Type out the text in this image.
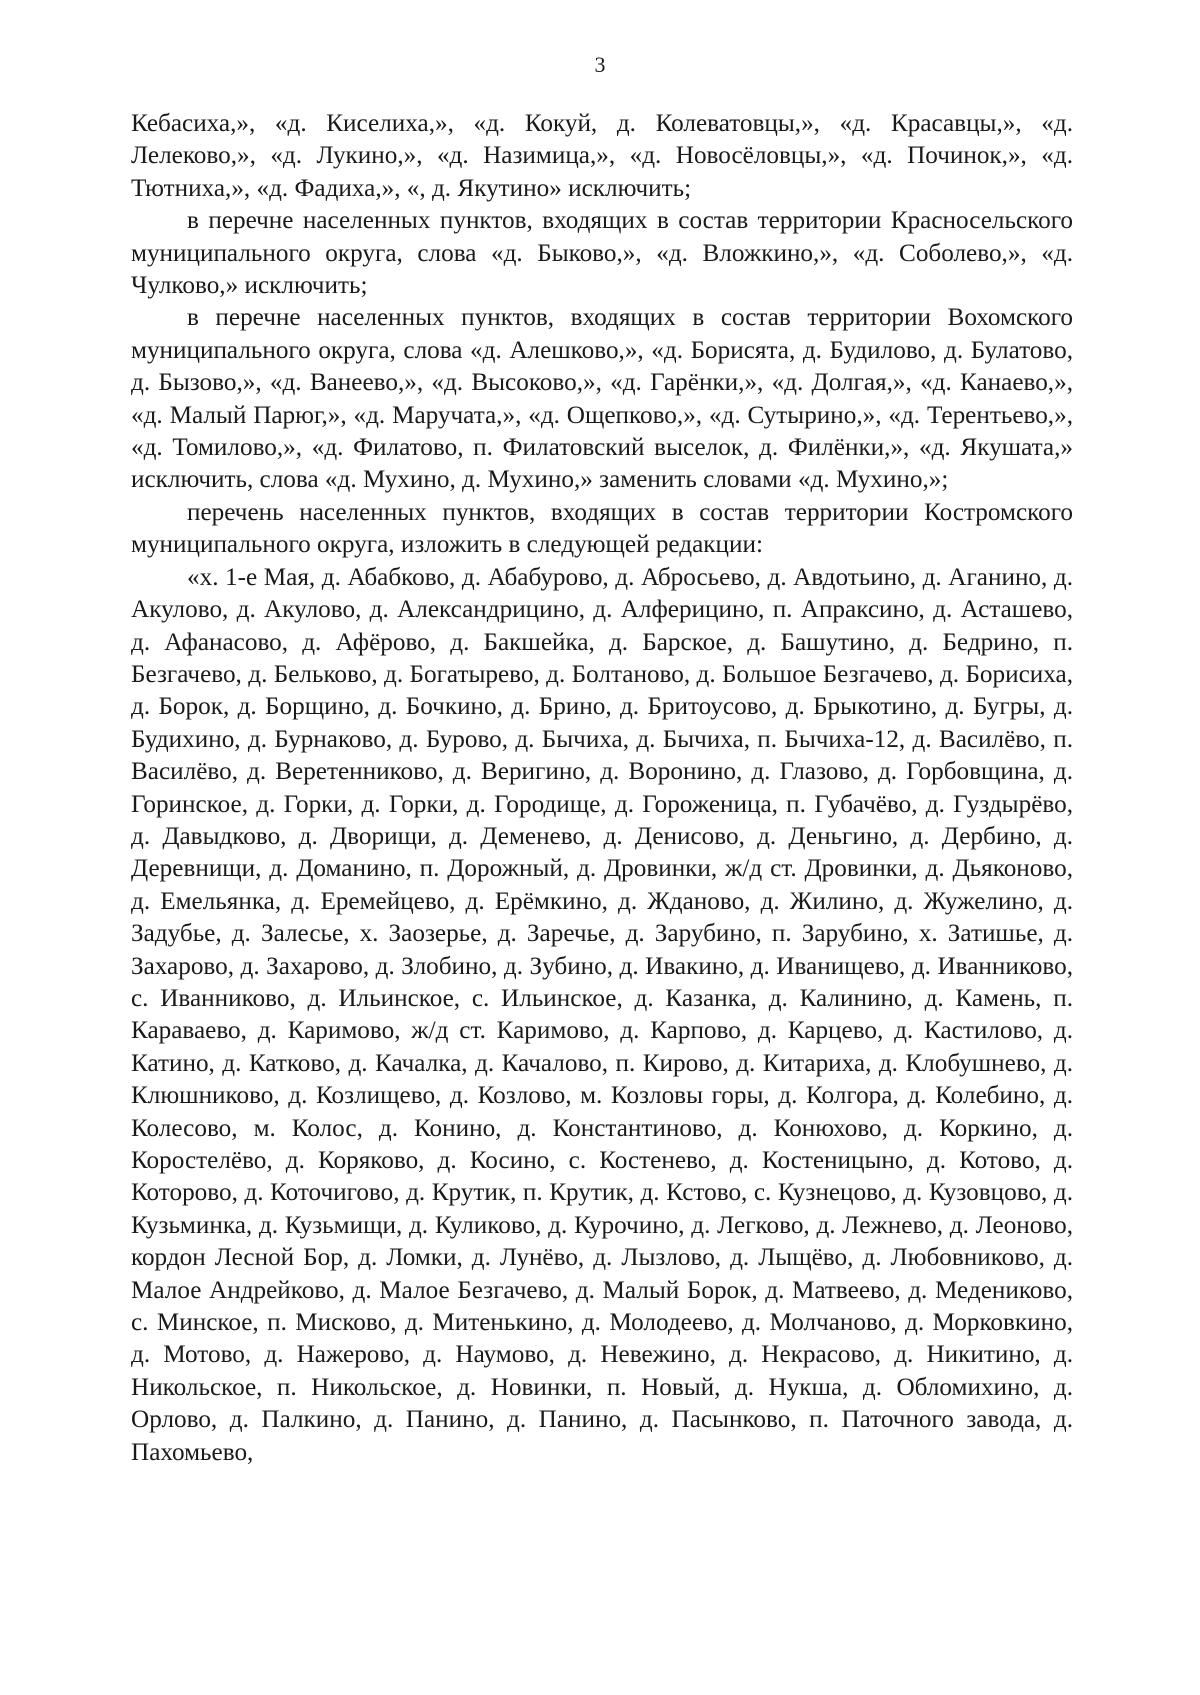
3

Кебасиха,», «д. Киселиха,», «д. Кокуй, д. Колеватовцы,», «д. Красавцы,», «д. Лелеково,», «д. Лукино,», «д. Назимица,», «д. Новосёловцы,», «д. Починок,», «д. Тютниха,», «д. Фадиха,», «, д. Якутино» исключить;

в перечне населенных пунктов, входящих в состав территории Красносельского муниципального округа, слова «д. Быково,», «д. Вложкино,», «д. Соболево,», «д. Чулково,» исключить;

в перечне населенных пунктов, входящих в состав территории Вохомского муниципального округа, слова «д. Алешково,», «д. Борисята, д. Будилово, д. Булатово, д. Бызово,», «д. Ванеево,», «д. Высоково,», «д. Гарёнки,», «д. Долгая,», «д. Канаево,», «д. Малый Парюг,», «д. Маручата,», «д. Ощепково,», «д. Сутырино,», «д. Терентьево,», «д. Томилово,», «д. Филатово, п. Филатовский выселок, д. Филёнки,», «д. Якушата,» исключить, слова «д. Мухино, д. Мухино,» заменить словами «д. Мухино,»;

перечень населенных пунктов, входящих в состав территории Костромского муниципального округа, изложить в следующей редакции:

«х. 1-е Мая, д. Абабково, д. Абабурово, д. Абросьево, д. Авдотьино, д. Аганино, д. Акулово, д. Акулово, д. Александрицино, д. Алферицино, п. Апраксино, д. Асташево, д. Афанасово, д. Афёрово, д. Бакшейка, д. Барское, д. Башутино, д. Бедрино, п. Безгачево, д. Бельково, д. Богатырево, д. Болтаново, д. Большое Безгачево, д. Борисиха, д. Борок, д. Борщино, д. Бочкино, д. Брино, д. Бритоусово, д. Брыкотино, д. Бугры, д. Будихино, д. Бурнаково, д. Бурово, д. Бычиха, д. Бычиха, п. Бычиха-12, д. Василёво, п. Василёво, д. Веретенниково, д. Веригино, д. Воронино, д. Глазово, д. Горбовщина, д. Горинское, д. Горки, д. Горки, д. Городище, д. Гороженица, п. Губачёво, д. Гуздырёво, д. Давыдково, д. Дворищи, д. Деменево, д. Денисово, д. Деньгино, д. Дербино, д. Деревнищи, д. Доманино, п. Дорожный, д. Дровинки, ж/д ст. Дровинки, д. Дьяконово, д. Емельянка, д. Еремейцево, д. Ерёмкино, д. Жданово, д. Жилино, д. Жужелино, д. Задубье, д. Залесье, х. Заозерье, д. Заречье, д. Зарубино, п. Зарубино, х. Затишье, д. Захарово, д. Захарово, д. Злобино, д. Зубино, д. Ивакино, д. Иванищево, д. Иванниково, с. Иванниково, д. Ильинское, с. Ильинское, д. Казанка, д. Калинино, д. Камень, п. Караваево, д. Каримово, ж/д ст. Каримово, д. Карпово, д. Карцево, д. Кастилово, д. Катино, д. Катково, д. Качалка, д. Качалово, п. Кирово, д. Китариха, д. Клобушнево, д. Клюшниково, д. Козлищево, д. Козлово, м. Козловы горы, д. Колгора, д. Колебино, д. Колесово, м. Колос, д. Конино, д. Константиново, д. Конюхово, д. Коркино, д. Коростелёво, д. Коряково, д. Косино, с. Костенево, д. Костеницыно, д. Котово, д. Которово, д. Коточигово, д. Крутик, п. Крутик, д. Кстово, с. Кузнецово, д. Кузовцово, д. Кузьминка, д. Кузьмищи, д. Куликово, д. Курочино, д. Легково, д. Лежнево, д. Леоново, кордон Лесной Бор, д. Ломки, д. Лунёво, д. Лызлово, д. Лыщёво, д. Любовниково, д. Малое Андрейково, д. Малое Безгачево, д. Малый Борок, д. Матвеево, д. Медениково, с. Минское, п. Мисково, д. Митенькино, д. Молодеево, д. Молчаново, д. Морковкино, д. Мотово, д. Нажерово, д. Наумово, д. Невежино, д. Некрасово, д. Никитино, д. Никольское, п. Никольское, д. Новинки, п. Новый, д. Нукша, д. Обломихино, д. Орлово, д. Палкино, д. Панино, д. Панино, д. Пасынково, п. Паточного завода, д. Пахомьево,
